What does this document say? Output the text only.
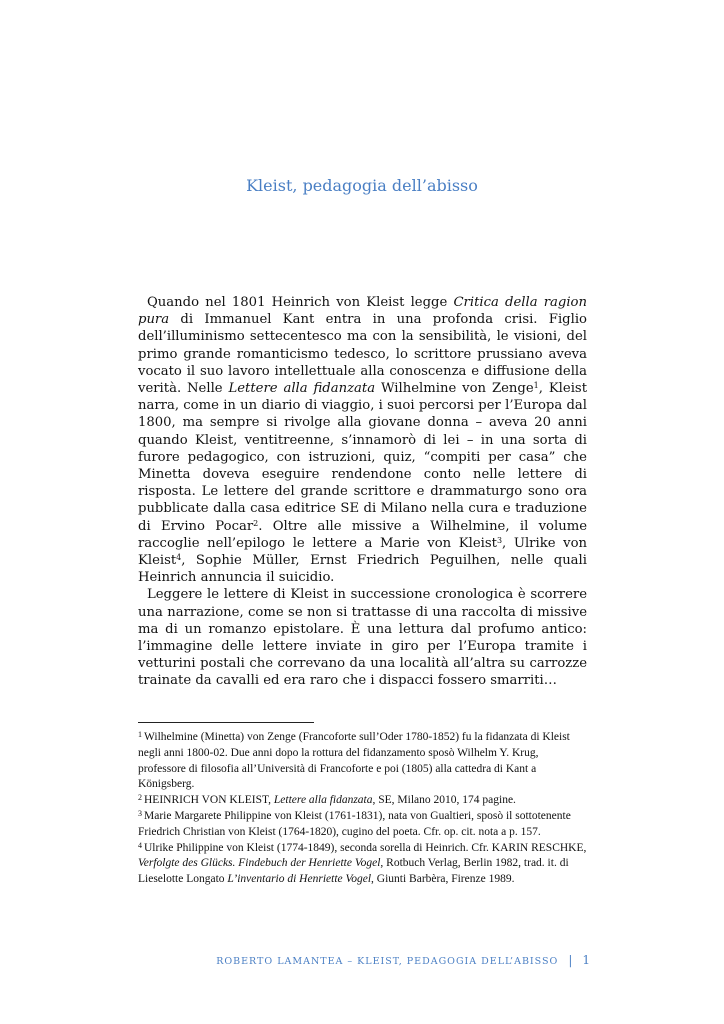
Kleist, pedagogia dell’abisso

Quando nel 1801 Heinrich von Kleist legge Critica della ragion pura di Immanuel Kant entra in una profonda crisi. Figlio dell’illuminismo settecentesco ma con la sensibilità, le visioni, del primo grande romanticismo tedesco, lo scrittore prussiano aveva vocato il suo lavoro intellettuale alla conoscenza e diffusione della verità. Nelle Lettere alla fidanzata Wilhelmine von Zenge$^1$, Kleist narra, come in un diario di viaggio, i suoi percorsi per l’Europa dal 1800, ma sempre si rivolge alla giovane donna – aveva 20 anni quando Kleist, ventitreenne, s’innamorò di lei – in una sorta di furore pedagogico, con istruzioni, quiz, “compiti per casa” che Minetta doveva eseguire rendendone conto nelle lettere di risposta. Le lettere del grande scrittore e drammaturgo sono ora pubblicate dalla casa editrice SE di Milano nella cura e traduzione di Ervino Pocar$^2$. Oltre alle missive a Wilhelmine, il volume raccoglie nell’epilogo le lettere a Marie von Kleist$^3$, Ulrike von Kleist$^4$, Sophie Müller, Ernst Friedrich Peguilhen, nelle quali Heinrich annuncia il suicidio.

Leggere le lettere di Kleist in successione cronologica è scorrere una narrazione, come se non si trattasse di una raccolta di missive ma di un romanzo epistolare. È una lettura dal profumo antico: l’immagine delle lettere inviate in giro per l’Europa tramite i vetturini postali che correvano da una località all’altra su carrozze trainate da cavalli ed era raro che i dispacci fossero smarriti…

$^1$ Wilhelmine (Minetta) von Zenge (Francoforte sull’Oder 1780-1852) fu la fidanzata di Kleist negli anni 1800-02. Due anni dopo la rottura del fidanzamento sposò Wilhelm Y. Krug, professore di filosofia all’Università di Francoforte e poi (1805) alla cattedra di Kant a Königsberg.

$^2$ HEINRICH VON KLEIST, Lettere alla fidanzata, SE, Milano 2010, 174 pagine.

$^3$ Marie Margarete Philippine von Kleist (1761-1831), nata von Gualtieri, sposò il sottotenente Friedrich Christian von Kleist (1764-1820), cugino del poeta. Cfr. op. cit. nota a p. 157.

$^4$ Ulrike Philippine von Kleist (1774-1849), seconda sorella di Heinrich. Cfr. KARIN RESCHKE, Verfolgte des Glücks. Findebuch der Henriette Vogel, Rotbuch Verlag, Berlin 1982, trad. it. di Lieselotte Longato L’inventario di Henriette Vogel, Giunti Barbèra, Firenze 1989.

ROBERTO LAMANTEA – KLEIST, PEDAGOGIA DELL’ABISSO | 1
